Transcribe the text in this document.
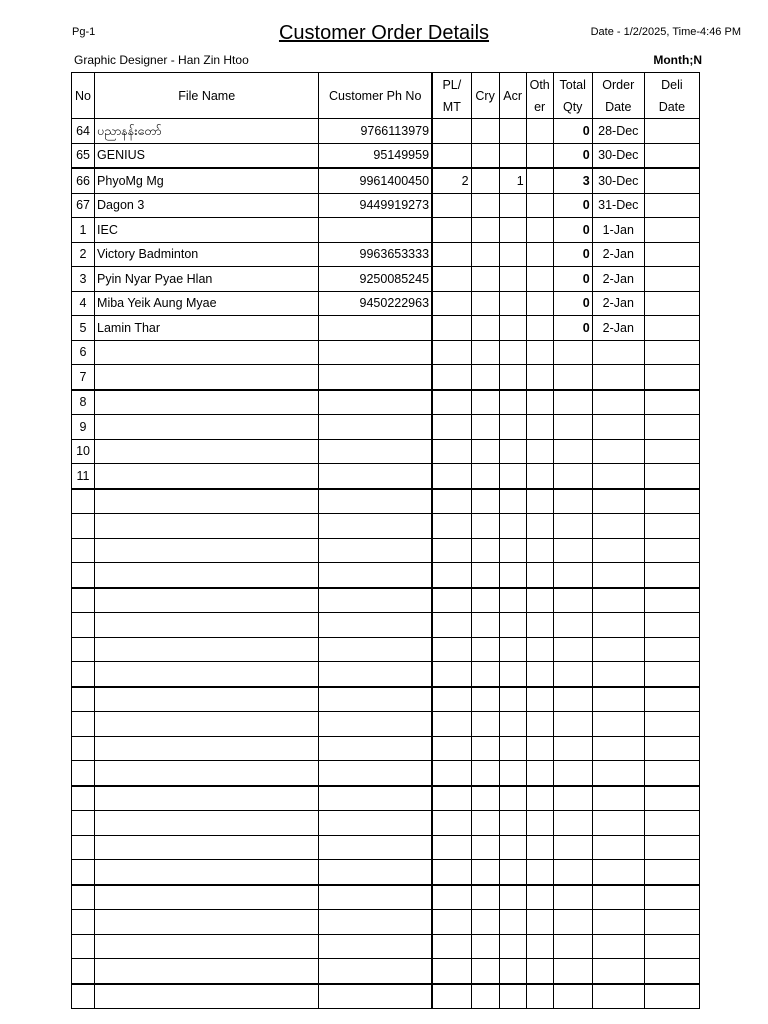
Pg-1	Customer Order Details	Date - 1/2/2025, Time-4:46 PM
Graphic Designer - Han Zin Htoo	Month;N
No	File Name	Customer Ph No	PL/ MT	Cry	Acr	Oth er	Total Qty	Order Date	Deli Date
64	ပညာနန်းတော်	9766113979					0	28-Dec	
65	GENIUS	95149959					0	30-Dec	
66	PhyoMg Mg	9961400450	2		1		3	30-Dec	
67	Dagon 3	9449919273					0	31-Dec	
1	IEC						0	1-Jan	
2	Victory Badminton	9963653333					0	2-Jan	
3	Pyin Nyar Pyae Hlan	9250085245					0	2-Jan	
4	Miba Yeik Aung Myae	9450222963					0	2-Jan	
5	Lamin Thar						0	2-Jan	
6									
7									
8									
9									
10									
11									
